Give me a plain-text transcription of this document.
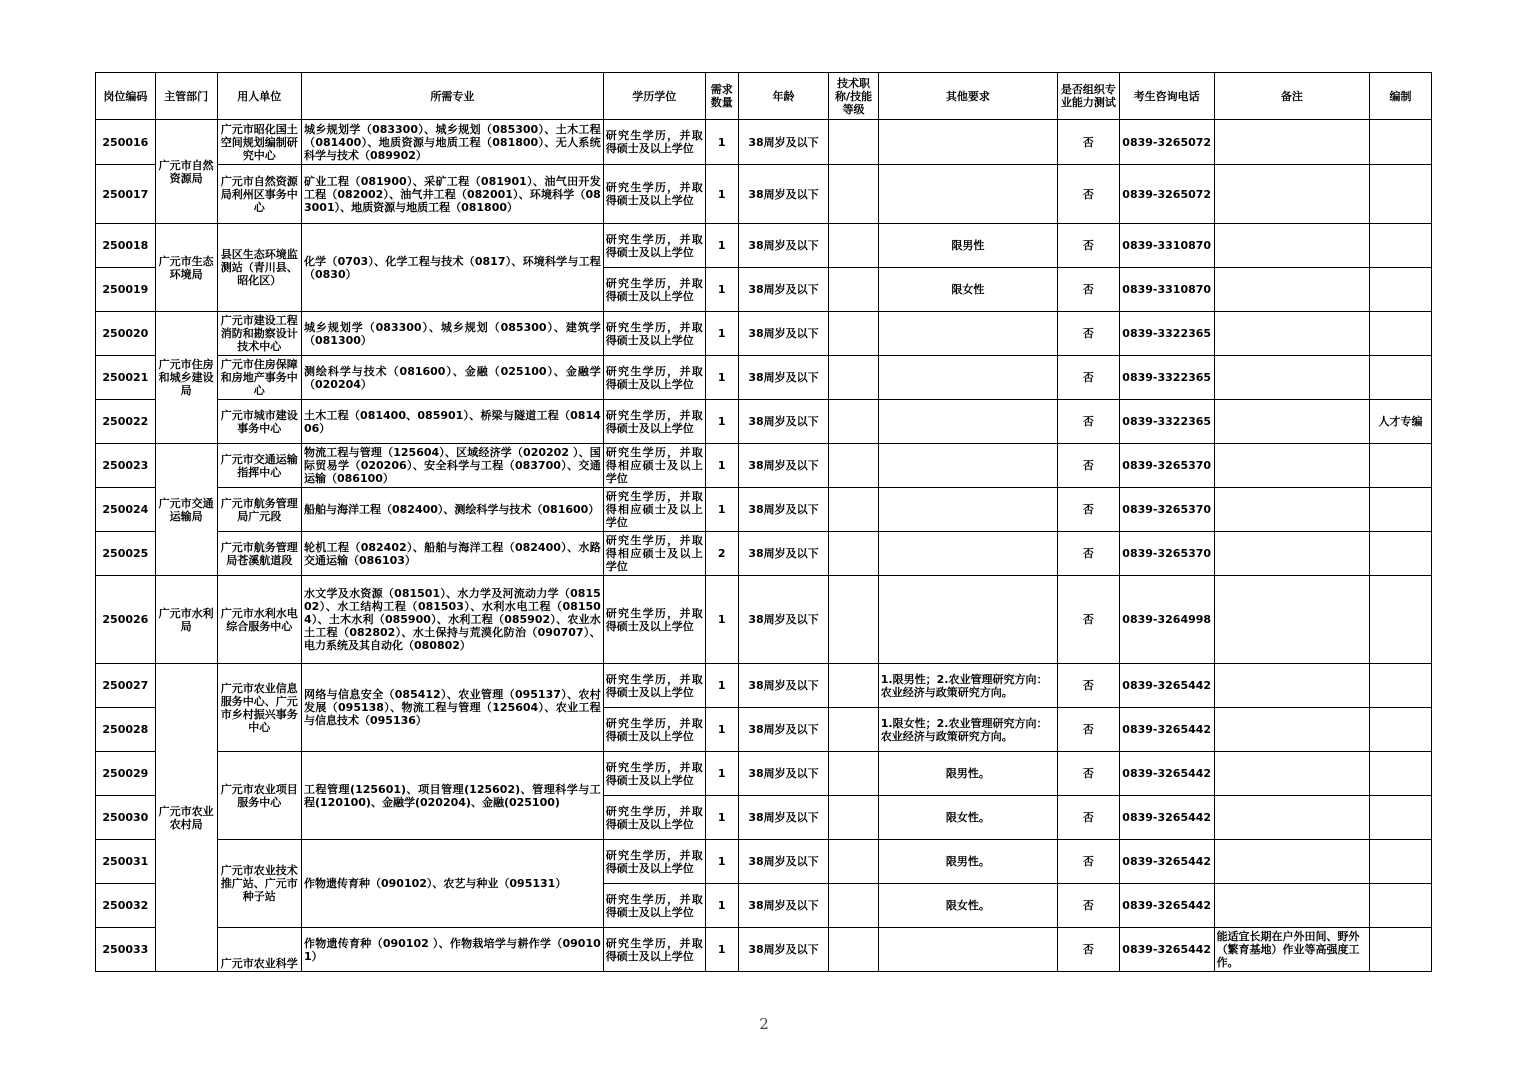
岗位编码	主管部门	用人单位	所需专业	学历学位	需求数量	年龄	技术职称/技能等级	其他要求	是否组织专业能力测试	考生咨询电话	备注	编制
250016	广元市自然资源局	广元市昭化国土空间规划编制研究中心	城乡规划学（083300）、城乡规划（085300）、土木工程（081400）、地质资源与地质工程（081800）、无人系统科学与技术（089902）	研究生学历，并取得硕士及以上学位	1	38周岁及以下			否	0839-3265072		
250017		广元市自然资源局利州区事务中心	矿业工程（081900）、采矿工程（081901）、油气田开发工程（082002）、油气井工程（082001）、环境科学（083001）、地质资源与地质工程（081800）	研究生学历，并取得硕士及以上学位	1	38周岁及以下			否	0839-3265072		
250018	广元市生态环境局	县区生态环境监测站（青川县、昭化区）	化学（0703）、化学工程与技术（0817）、环境科学与工程（0830）	研究生学历，并取得硕士及以上学位	1	38周岁及以下		限男性	否	0839-3310870		
250019				研究生学历，并取得硕士及以上学位	1	38周岁及以下		限女性	否	0839-3310870		
250020	广元市住房和城乡建设局	广元市建设工程消防和勘察设计技术中心	城乡规划学（083300）、城乡规划（085300）、建筑学（081300）	研究生学历，并取得硕士及以上学位	1	38周岁及以下			否	0839-3322365		
250021		广元市住房保障和房地产事务中心	测绘科学与技术（081600）、金融（025100）、金融学（020204）	研究生学历，并取得硕士及以上学位	1	38周岁及以下			否	0839-3322365		
250022		广元市城市建设事务中心	土木工程（081400、085901）、桥梁与隧道工程（081406）	研究生学历，并取得硕士及以上学位	1	38周岁及以下			否	0839-3322365		人才专编
250023	广元市交通运输局	广元市交通运输指挥中心	物流工程与管理（125604）、区域经济学（020202 ）、国际贸易学（020206）、安全科学与工程（083700）、交通运输（086100）	研究生学历，并取得相应硕士及以上学位	1	38周岁及以下			否	0839-3265370		
250024		广元市航务管理局广元段	船舶与海洋工程（082400）、测绘科学与技术（081600）	研究生学历，并取得相应硕士及以上学位	1	38周岁及以下			否	0839-3265370		
250025		广元市航务管理局苍溪航道段	轮机工程（082402）、船舶与海洋工程（082400）、水路交通运输（086103）	研究生学历，并取得相应硕士及以上学位	2	38周岁及以下			否	0839-3265370		
250026	广元市水利局	广元市水利水电综合服务中心	水文学及水资源（081501）、水力学及河流动力学（081502）、水工结构工程（081503）、水利水电工程（081504）、土木水利（085900）、水利工程（085902）、农业水土工程（082802）、水土保持与荒漠化防治（090707）、电力系统及其自动化（080802）	研究生学历，并取得硕士及以上学位	1	38周岁及以下			否	0839-3264998		
250027	广元市农业农村局	广元市农业信息服务中心、广元市乡村振兴事务中心	网络与信息安全（085412）、农业管理（095137）、农村发展（095138）、物流工程与管理（125604）、农业工程与信息技术（095136）	研究生学历，并取得硕士及以上学位	1	38周岁及以下		1.限男性；2.农业管理研究方向：农业经济与政策研究方向。	否	0839-3265442		
250028				研究生学历，并取得硕士及以上学位	1	38周岁及以下		1.限女性；2.农业管理研究方向：农业经济与政策研究方向。	否	0839-3265442		
250029		广元市农业项目服务中心	工程管理(125601)、项目管理(125602)、管理科学与工程(120100)、金融学(020204)、金融(025100)	研究生学历，并取得硕士及以上学位	1	38周岁及以下		限男性。	否	0839-3265442		
250030				研究生学历，并取得硕士及以上学位	1	38周岁及以下		限女性。	否	0839-3265442		
250031		广元市农业技术推广站、广元市种子站	作物遗传育种（090102）、农艺与种业（095131）	研究生学历，并取得硕士及以上学位	1	38周岁及以下		限男性。	否	0839-3265442		
250032				研究生学历，并取得硕士及以上学位	1	38周岁及以下		限女性。	否	0839-3265442		
250033		广元市农业科学	作物遗传育种（090102 ）、作物栽培学与耕作学（090101）	研究生学历，并取得硕士及以上学位	1	38周岁及以下			否	0839-3265442	能适宜长期在户外田间、野外（繁育基地）作业等高强度工作。	
2
